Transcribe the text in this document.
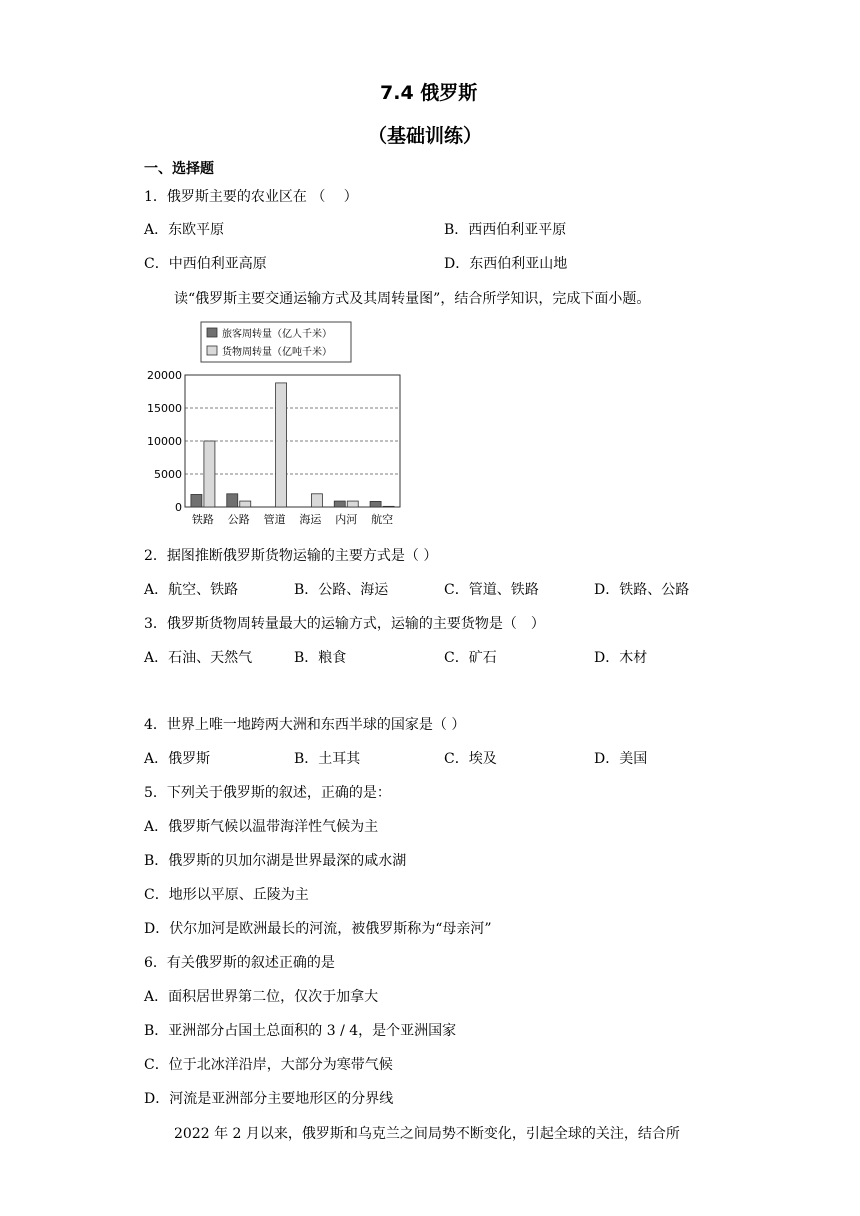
7.4 俄罗斯
（基础训练）
一、选择题
1．俄罗斯主要的农业区在 （　 ）
A．东欧平原	B．西西伯利亚平原
C．中西伯利亚高原	D．东西伯利亚山地
读“俄罗斯主要交通运输方式及其周转量图”，结合所学知识，完成下面小题。
旅客周转量（亿人千米）
货物周转量（亿吨千米）
0
5000
10000
15000
20000
铁路 公路 管道 海运 内河 航空
2．据图推断俄罗斯货物运输的主要方式是（ ）
A．航空、铁路	B．公路、海运	C．管道、铁路	D．铁路、公路
3．俄罗斯货物周转量最大的运输方式，运输的主要货物是（　）
A．石油、天然气	B．粮食	C．矿石	D．木材
4．世界上唯一地跨两大洲和东西半球的国家是（ ）
A．俄罗斯	B．土耳其	C．埃及	D．美国
5．下列关于俄罗斯的叙述，正确的是：
A．俄罗斯气候以温带海洋性气候为主
B．俄罗斯的贝加尔湖是世界最深的咸水湖
C．地形以平原、丘陵为主
D．伏尔加河是欧洲最长的河流，被俄罗斯称为“母亲河”
6．有关俄罗斯的叙述正确的是
A．面积居世界第二位，仅次于加拿大
B．亚洲部分占国土总面积的 3 / 4，是个亚洲国家
C．位于北冰洋沿岸，大部分为寒带气候
D．河流是亚洲部分主要地形区的分界线
2022 年 2 月以来，俄罗斯和乌克兰之间局势不断变化，引起全球的关注，结合所
